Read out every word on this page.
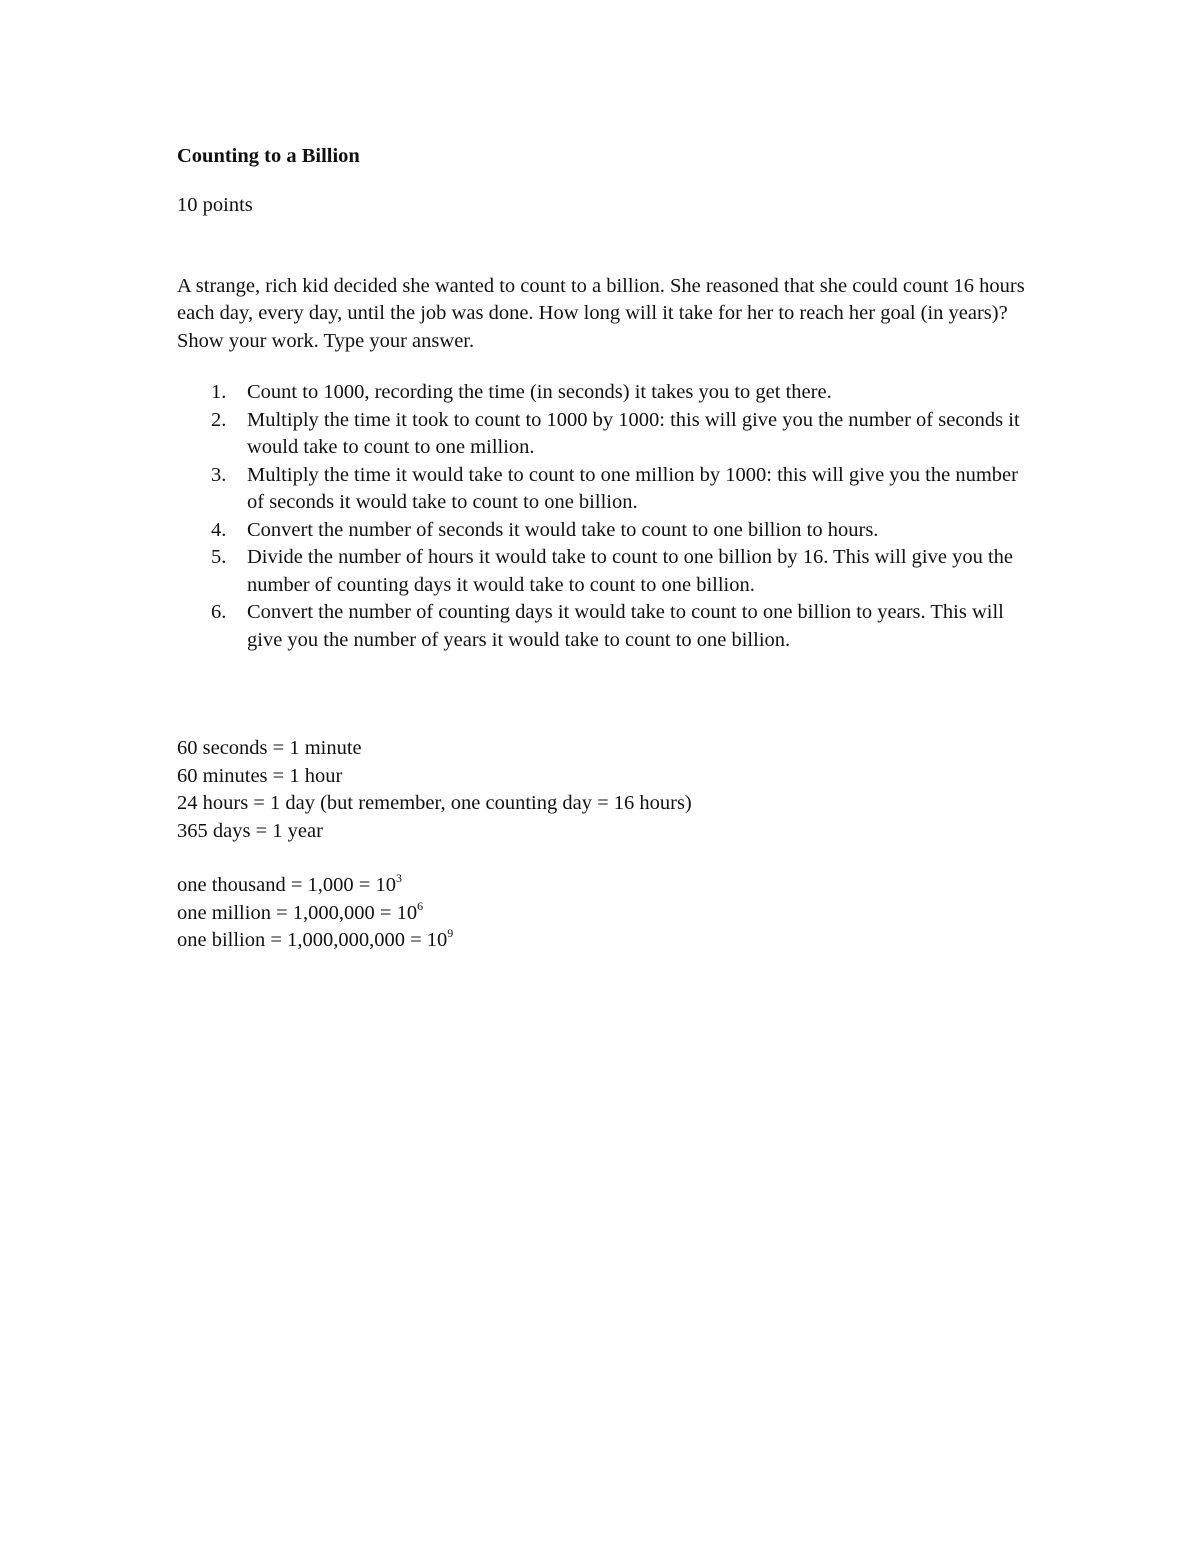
Counting to a Billion

10 points

A strange, rich kid decided she wanted to count to a billion. She reasoned that she could count 16 hours each day, every day, until the job was done. How long will it take for her to reach her goal (in years)? Show your work. Type your answer.

1.	Count to 1000, recording the time (in seconds) it takes you to get there.
2.	Multiply the time it took to count to 1000 by 1000: this will give you the number of seconds it would take to count to one million.
3.	Multiply the time it would take to count to one million by 1000: this will give you the number of seconds it would take to count to one billion.
4.	Convert the number of seconds it would take to count to one billion to hours.
5.	Divide the number of hours it would take to count to one billion by 16. This will give you the number of counting days it would take to count to one billion.
6.	Convert the number of counting days it would take to count to one billion to years. This will give you the number of years it would take to count to one billion.

60 seconds = 1 minute

60 minutes = 1 hour

24 hours = 1 day (but remember, one counting day = 16 hours)

365 days = 1 year

one thousand = $1,000 = 10^3$

one million = $1,000,000 = 10^6$

one billion = $1,000,000,000 = 10^9$
